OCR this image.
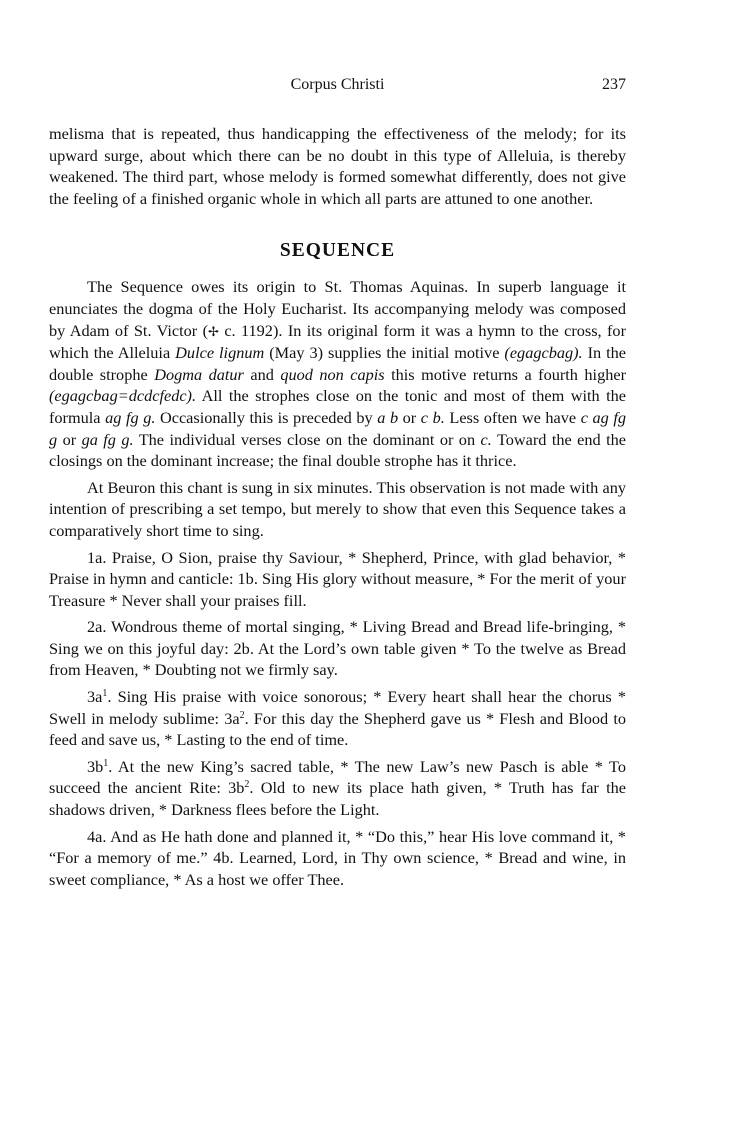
Corpus Christi	237

melisma that is repeated, thus handicapping the effectiveness of the melody; for its upward surge, about which there can be no doubt in this type of Alleluia, is thereby weakened. The third part, whose melody is formed somewhat differently, does not give the feeling of a finished organic whole in which all parts are attuned to one another.

SEQUENCE

The Sequence owes its origin to St. Thomas Aquinas. In superb language it enunciates the dogma of the Holy Eucharist. Its accompanying melody was composed by Adam of St. Victor (✢ c. 1192). In its original form it was a hymn to the cross, for which the Alleluia Dulce lignum (May 3) supplies the initial motive (egagcbag). In the double strophe Dogma datur and quod non capis this motive returns a fourth higher (egagcbag=dcdcfedc). All the strophes close on the tonic and most of them with the formula ag fg g. Occasionally this is preceded by a b or c b. Less often we have c ag fg g or ga fg g. The individual verses close on the dominant or on c. Toward the end the closings on the dominant increase; the final double strophe has it thrice.

At Beuron this chant is sung in six minutes. This observation is not made with any intention of prescribing a set tempo, but merely to show that even this Sequence takes a comparatively short time to sing.

1a. Praise, O Sion, praise thy Saviour, * Shepherd, Prince, with glad behavior, * Praise in hymn and canticle: 1b. Sing His glory without measure, * For the merit of your Treasure * Never shall your praises fill.

2a. Wondrous theme of mortal singing, * Living Bread and Bread life-bringing, * Sing we on this joyful day: 2b. At the Lord’s own table given * To the twelve as Bread from Heaven, * Doubting not we firmly say.

$3a^1$. Sing His praise with voice sonorous; * Every heart shall hear the chorus * Swell in melody sublime: $3a^2$. For this day the Shepherd gave us * Flesh and Blood to feed and save us, * Lasting to the end of time.

$3b^1$. At the new King’s sacred table, * The new Law’s new Pasch is able * To succeed the ancient Rite: $3b^2$. Old to new its place hath given, * Truth has far the shadows driven, * Darkness flees before the Light.

4a. And as He hath done and planned it, * “Do this,” hear His love command it, * “For a memory of me.” 4b. Learned, Lord, in Thy own science, * Bread and wine, in sweet compliance, * As a host we offer Thee.
